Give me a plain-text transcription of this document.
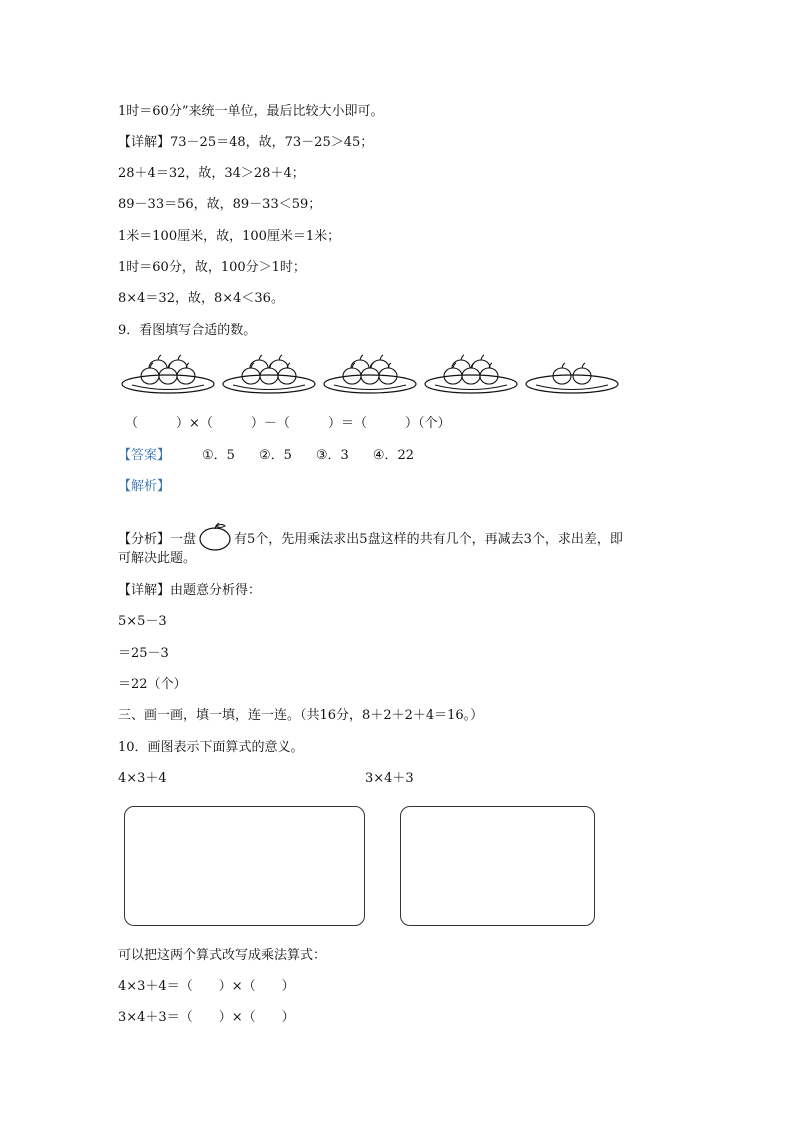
1时＝60分”来统一单位，最后比较大小即可。
【详解】73－25＝48，故，73－25＞45；
28＋4＝32，故，34＞28＋4；
89－33＝56，故，89－33＜59；
1米＝100厘米，故，100厘米＝1米；
1时＝60分，故，100分＞1时；
8×4＝32，故，8×4＜36。
9．看图填写合适的数。
（	）×（	）－（	）＝（	）（个）
【答案】 ①．5 ②．5 ③．3 ④．22
【解析】
【分析】一盘	有5个，先用乘法求出5盘这样的共有几个，再减去3个，求出差，即
可解决此题。
【详解】由题意分析得：
5×5－3
＝25－3
＝22（个）
三、画一画，填一填，连一连。（共16分，8＋2＋2＋4＝16。）
10．画图表示下面算式的意义。
4×3＋4	3×4＋3
可以把这两个算式改写成乘法算式：
4×3＋4＝（　　）×（　　）
3×4＋3＝（　　）×（　　）
